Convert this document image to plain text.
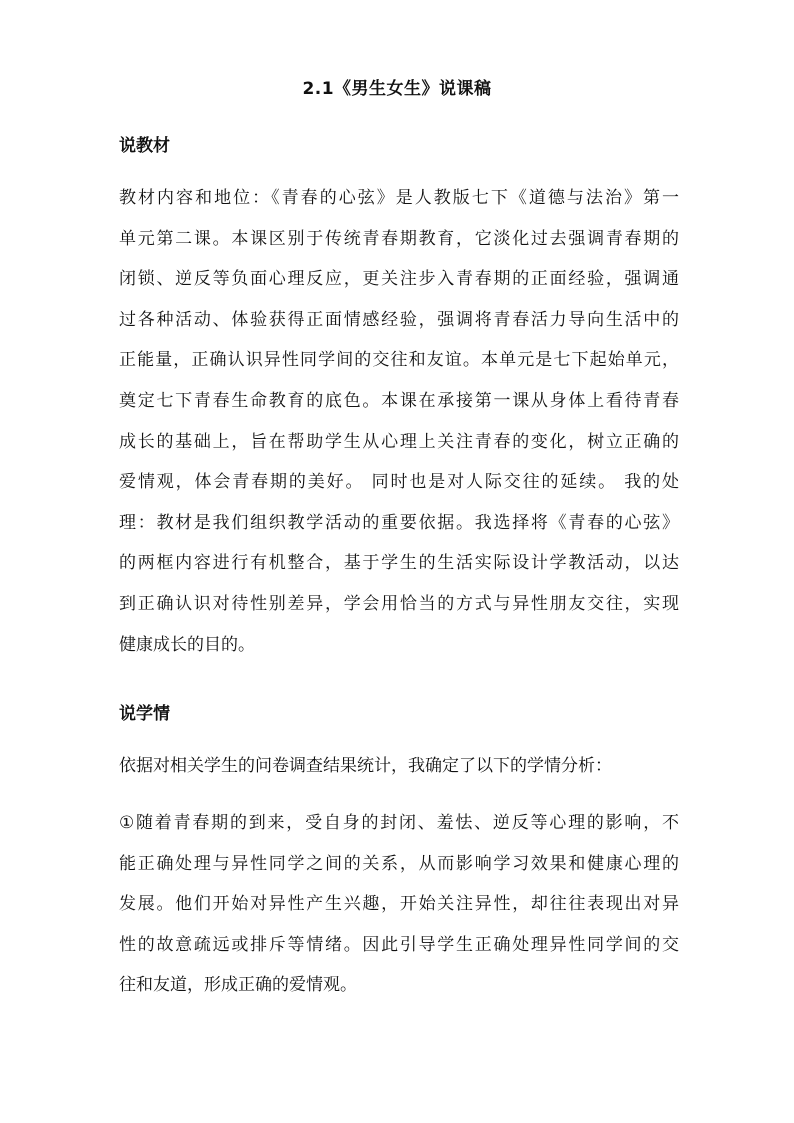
2.1《男生女生》说课稿
说教材
教材内容和地位：《青春的心弦》是人教版七下《道德与法治》第一
单元第二课。本课区别于传统青春期教育，它淡化过去强调青春期的
闭锁、逆反等负面心理反应，更关注步入青春期的正面经验，强调通
过各种活动、体验获得正面情感经验，强调将青春活力导向生活中的
正能量，正确认识异性同学间的交往和友谊。本单元是七下起始单元，
奠定七下青春生命教育的底色。本课在承接第一课从身体上看待青春
成长的基础上，旨在帮助学生从心理上关注青春的变化，树立正确的
爱情观，体会青春期的美好。 同时也是对人际交往的延续。 我的处
理：教材是我们组织教学活动的重要依据。我选择将《青春的心弦》
的两框内容进行有机整合，基于学生的生活实际设计学教活动，以达
到正确认识对待性别差异，学会用恰当的方式与异性朋友交往，实现
健康成长的目的。
说学情
依据对相关学生的问卷调查结果统计，我确定了以下的学情分析：
①随着青春期的到来，受自身的封闭、羞怯、逆反等心理的影响，不
能正确处理与异性同学之间的关系，从而影响学习效果和健康心理的
发展。他们开始对异性产生兴趣，开始关注异性，却往往表现出对异
性的故意疏远或排斥等情绪。因此引导学生正确处理异性同学间的交
往和友道，形成正确的爱情观。
